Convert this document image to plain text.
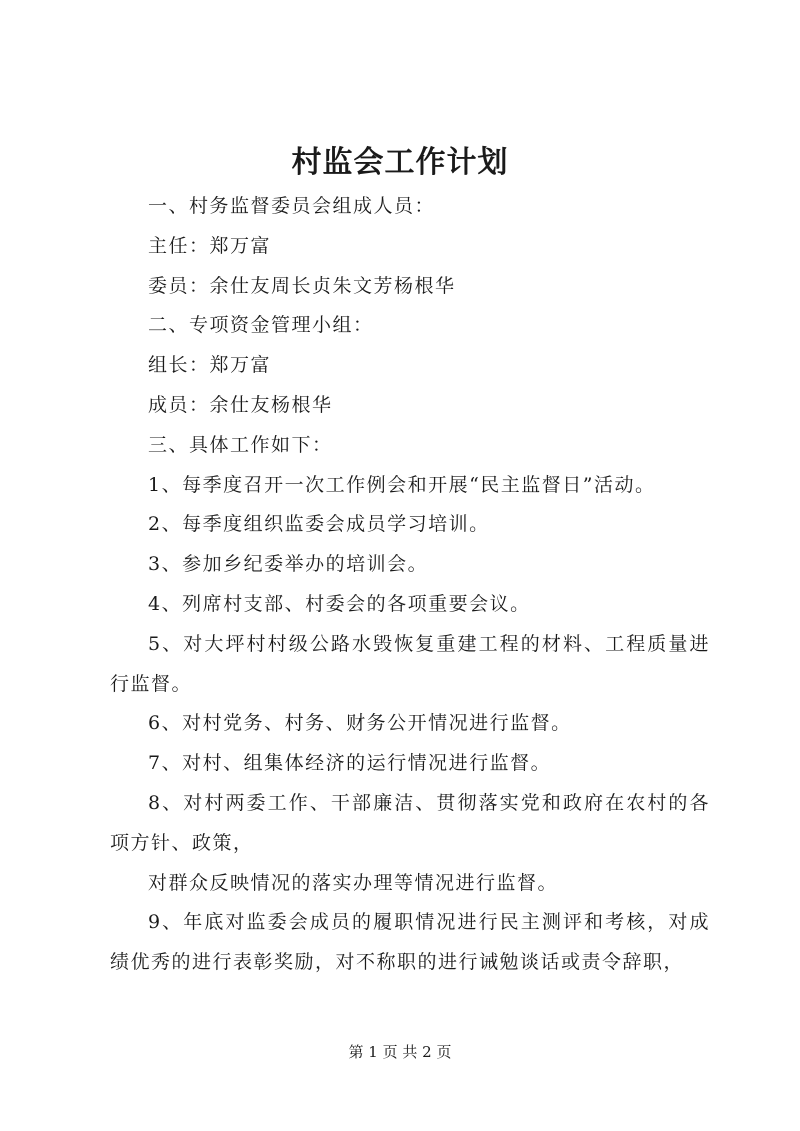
村监会工作计划

一、村务监督委员会组成人员：

主任：郑万富

委员：余仕友周长贞朱文芳杨根华

二、专项资金管理小组：

组长：郑万富

成员：余仕友杨根华

三、具体工作如下：

1、每季度召开一次工作例会和开展“民主监督日”活动。

2、每季度组织监委会成员学习培训。

3、参加乡纪委举办的培训会。

4、列席村支部、村委会的各项重要会议。

5、对大坪村村级公路水毁恢复重建工程的材料、工程质量进行监督。

6、对村党务、村务、财务公开情况进行监督。

7、对村、组集体经济的运行情况进行监督。

8、对村两委工作、干部廉洁、贯彻落实党和政府在农村的各项方针、政策，

对群众反映情况的落实办理等情况进行监督。

9、年底对监委会成员的履职情况进行民主测评和考核，对成绩优秀的进行表彰奖励，对不称职的进行诫勉谈话或责令辞职，

第 1 页 共 2 页
